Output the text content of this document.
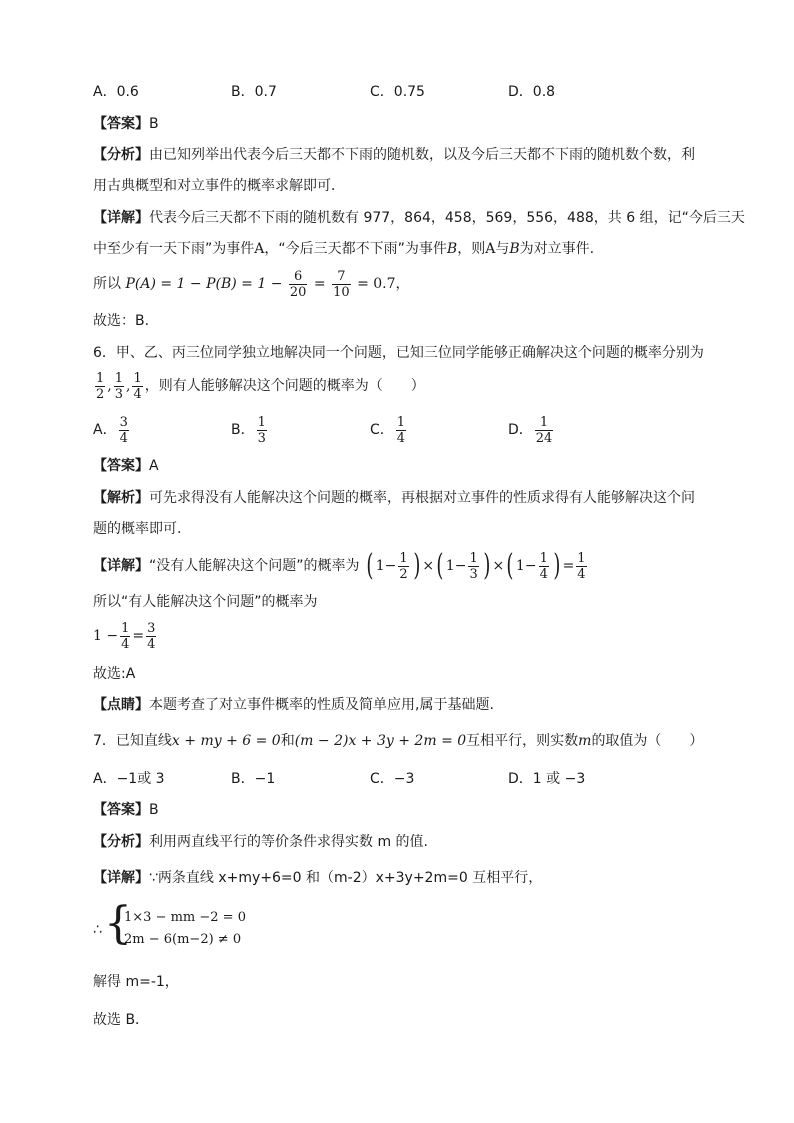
A．0.6	B．0.7	C．0.75	D．0.8
【答案】B
【分析】由已知列举出代表今后三天都不下雨的随机数，以及今后三天都不下雨的随机数个数，利
用古典概型和对立事件的概率求解即可．
【详解】代表今后三天都不下雨的随机数有 977，864，458，569，556，488，共 6 组，记“今后三天
中至少有一天下雨”为事件A，“今后三天都不下雨”为事件B，则A与B为对立事件.
所以 $P(A) = 1 - P(B) = 1 - \frac{6}{20} = \frac{7}{10} = 0.7$，
故选：B.
6．甲、乙、丙三位同学独立地解决同一个问题，已知三位同学能够正确解决这个问题的概率分别为
$\frac{1}{2}$ , $\frac{1}{3}$ , $\frac{1}{4}$ ，则有人能够解决这个问题的概率为（　　）
A． $\frac{3}{4}$	B． $\frac{1}{3}$	C． $\frac{1}{4}$	D． $\frac{1}{24}$
【答案】A
【解析】可先求得没有人能解决这个问题的概率，再根据对立事件的性质求得有人能够解决这个问
题的概率即可.
【详解】“没有人能解决这个问题”的概率为 ( $1- \frac{1}{2}$ ) ×( $1- \frac{1}{3}$ ) ×( $1- \frac{1}{4}$ ) = $\frac{1}{4}$
所以“有人能解决这个问题”的概率为
$1 - \frac{1}{4} = \frac{3}{4}$
故选:A
【点睛】本题考查了对立事件概率的性质及简单应用,属于基础题.
7．已知直线x + my + 6 = 0和(m − 2)x + 3y + 2m = 0互相平行，则实数m的取值为（　　）
A．−1或 3	B．−1	C．−3	D．1 或 −3
【答案】B
【分析】利用两直线平行的等价条件求得实数 m 的值.
【详解】∵两条直线 x+my+6=0 和（m-2）x+3y+2m=0 互相平行，
∴ {
1×3 − mm −2 = 0
2m − 6(m−2) ≠ 0
解得 m=-1，
故选 B．
